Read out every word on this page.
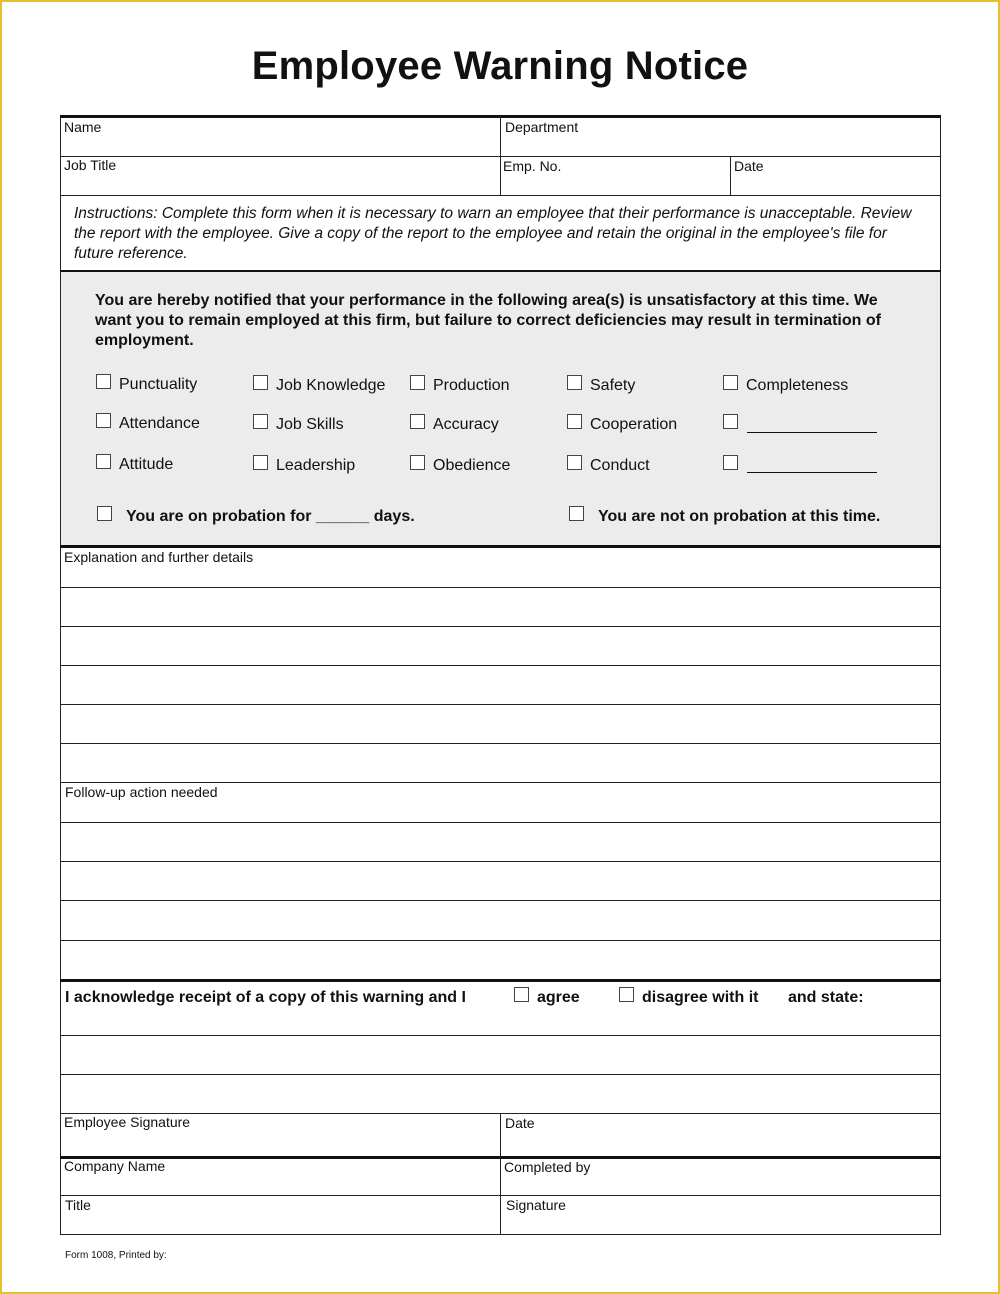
Employee Warning Notice
Name	Department
Job Title	Emp. No.	Date
Instructions: Complete this form when it is necessary to warn an employee that their performance is unacceptable. Review the report with the employee. Give a copy of the report to the employee and retain the original in the employee's file for future reference.
You are hereby notified that your performance in the following area(s) is unsatisfactory at this time. We want you to remain employed at this firm, but failure to correct deficiencies may result in termination of employment.
Punctuality	Job Knowledge	Production	Safety	Completeness
Attendance	Job Skills	Accuracy	Cooperation
Attitude	Leadership	Obedience	Conduct
You are on probation for ______ days.	You are not on probation at this time.
Explanation and further details
Follow-up action needed
I acknowledge receipt of a copy of this warning and I	agree	disagree with it and state:
Employee Signature	Date
Company Name	Completed by
Title	Signature
Form 1008, Printed by:
